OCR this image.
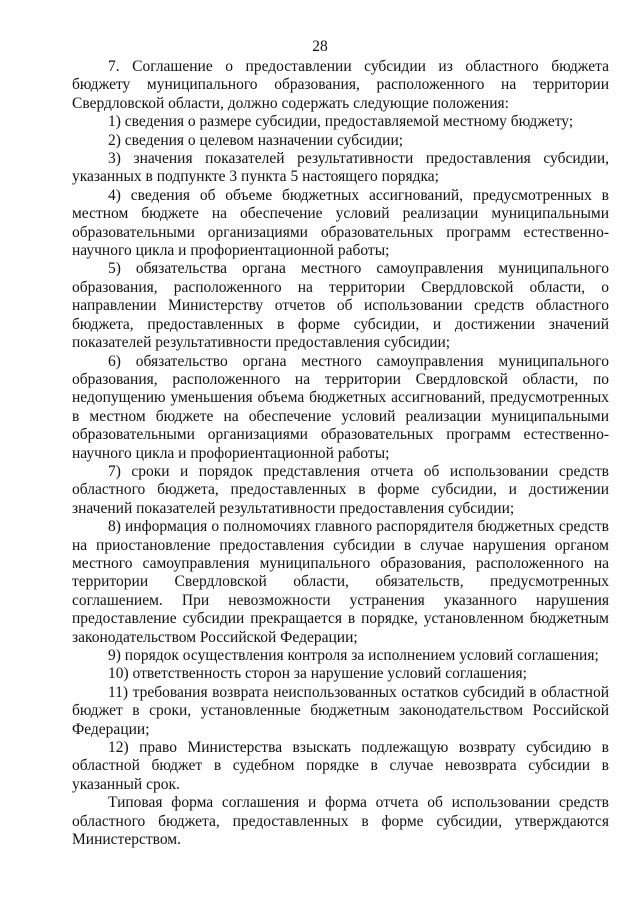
28

7. Соглашение о предоставлении субсидии из областного бюджета бюджету муниципального образования, расположенного на территории Свердловской области, должно содержать следующие положения:

1) сведения о размере субсидии, предоставляемой местному бюджету;

2) сведения о целевом назначении субсидии;

3) значения показателей результативности предоставления субсидии, указанных в подпункте 3 пункта 5 настоящего порядка;

4) сведения об объеме бюджетных ассигнований, предусмотренных в местном бюджете на обеспечение условий реализации муниципальными образовательными организациями образовательных программ естественно-научного цикла и профориентационной работы;

5) обязательства органа местного самоуправления муниципального образования, расположенного на территории Свердловской области, о направлении Министерству отчетов об использовании средств областного бюджета, предоставленных в форме субсидии, и достижении значений показателей результативности предоставления субсидии;

6) обязательство органа местного самоуправления муниципального образования, расположенного на территории Свердловской области, по недопущению уменьшения объема бюджетных ассигнований, предусмотренных в местном бюджете на обеспечение условий реализации муниципальными образовательными организациями образовательных программ естественно-научного цикла и профориентационной работы;

7) сроки и порядок представления отчета об использовании средств областного бюджета, предоставленных в форме субсидии, и достижении значений показателей результативности предоставления субсидии;

8) информация о полномочиях главного распорядителя бюджетных средств на приостановление предоставления субсидии в случае нарушения органом местного самоуправления муниципального образования, расположенного на территории Свердловской области, обязательств, предусмотренных соглашением. При невозможности устранения указанного нарушения предоставление субсидии прекращается в порядке, установленном бюджетным законодательством Российской Федерации;

9) порядок осуществления контроля за исполнением условий соглашения;

10) ответственность сторон за нарушение условий соглашения;

11) требования возврата неиспользованных остатков субсидий в областной бюджет в сроки, установленные бюджетным законодательством Российской Федерации;

12) право Министерства взыскать подлежащую возврату субсидию в областной бюджет в судебном порядке в случае невозврата субсидии в указанный срок.

Типовая форма соглашения и форма отчета об использовании средств областного бюджета, предоставленных в форме субсидии, утверждаются Министерством.
